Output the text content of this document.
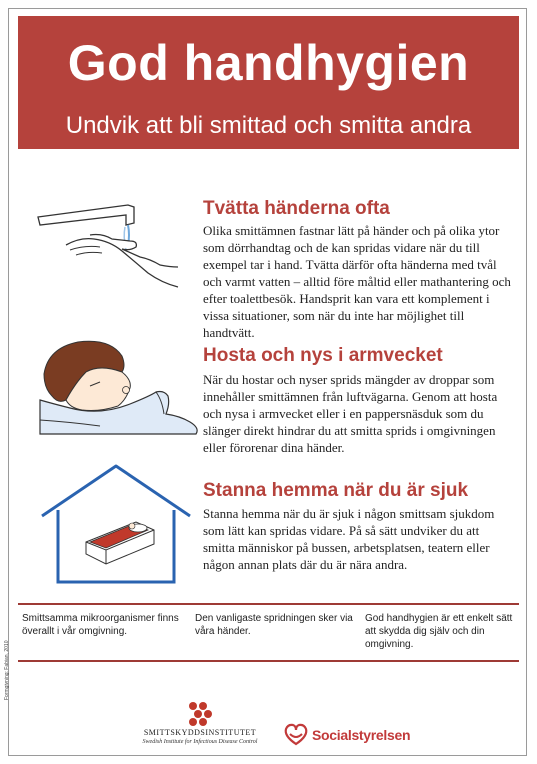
God handhygien
Undvik att bli smittad och smitta andra
Tvätta händerna ofta
Olika smittämnen fastnar lätt på händer och på olika ytor som dörrhandtag och de kan spridas vidare när du till exempel tar i hand. Tvätta därför ofta händerna med tvål och varmt vatten – alltid före måltid eller mathantering och efter toalettbesök. Handsprit kan vara ett komplement i vissa situationer, som när du inte har möjlighet till handtvätt.
Hosta och nys i armvecket
När du hostar och nyser sprids mängder av droppar som innehåller smittämnen från luftvägarna. Genom att hosta och nysa i armvecket eller i en pappersnäsduk som du slänger direkt hindrar du att smitta sprids i omgivningen eller förorenar dina händer.
Stanna hemma när du är sjuk
Stanna hemma när du är sjuk i någon smittsam sjukdom som lätt kan spridas vidare. På så sätt undviker du att smitta människor på bussen, arbetsplatsen, teatern eller någon annan plats där du är nära andra.
Smittsamma mikroorganismer finns överallt i vår omgivning.
Den vanligaste spridningen sker via våra händer.
God handhygien är ett enkelt sätt att skydda dig själv och din omgivning.
Formgivning: Fabian, 2010
SMITTSKYDDSINSTITUTET
Swedish Institute for Infectious Disease Control	Socialstyrelsen
